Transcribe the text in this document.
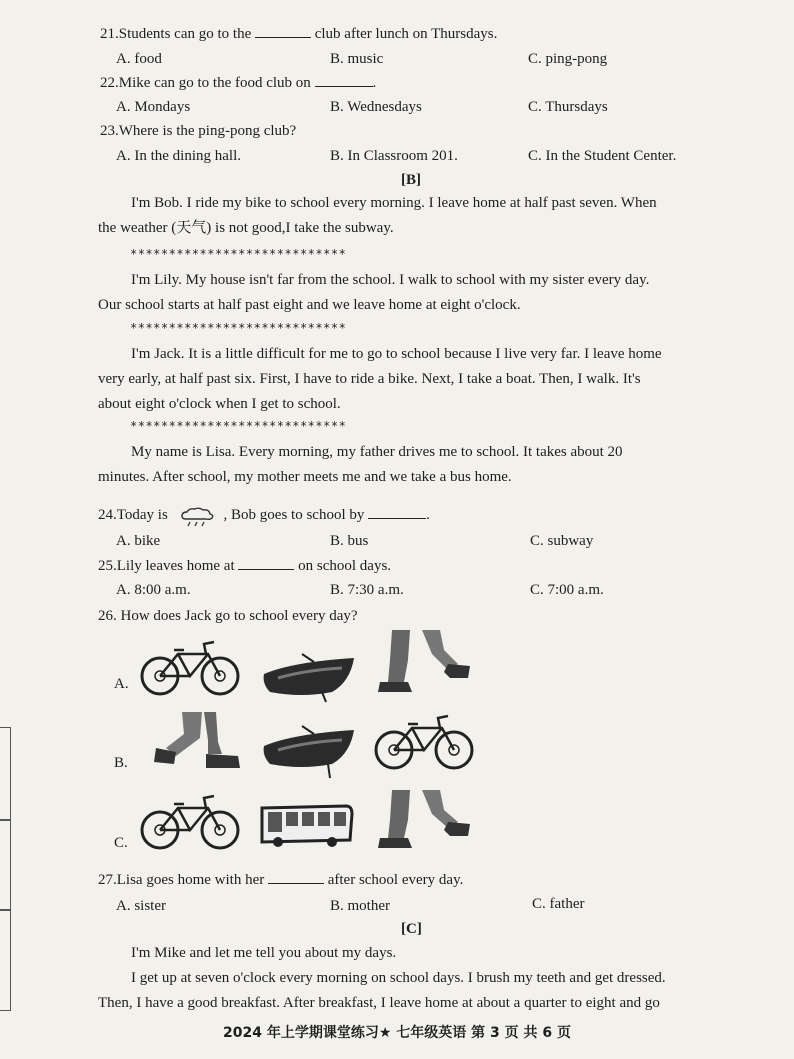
21.Students can go to the	club after lunch on Thursdays.
A. food	B. music	C. ping-pong
22.Mike can go to the food club on	.
A. Mondays	B. Wednesdays	C. Thursdays
23.Where is the ping-pong club?
A. In the dining hall.	B. In Classroom 201.	C. In the Student Center.
[B]
I'm Bob. I ride my bike to school every morning. I leave home at half past seven. When
the weather (天气) is not good,I take the subway.
****************************
I'm Lily. My house isn't far from the school. I walk to school with my sister every day.
Our school starts at half past eight and we leave home at eight o'clock.
****************************
I'm Jack. It is a little difficult for me to go to school because I live very far. I leave home
very early, at half past six. First, I have to ride a bike. Next, I take a boat. Then, I walk. It's
about eight o'clock when I get to school.
****************************
My name is Lisa. Every morning, my father drives me to school. It takes about 20
minutes. After school, my mother meets me and we take a bus home.
24.Today is	, Bob goes to school by	.
A. bike	B. bus	C. subway
25.Lily leaves home at	on school days.
A. 8:00 a.m.	B. 7:30 a.m.	C. 7:00 a.m.
26. How does Jack go to school every day?
A.
B.
C.
27.Lisa goes home with her	after school every day.
A. sister	B. mother	C. father
[C]
I'm Mike and let me tell you about my days.
I get up at seven o'clock every morning on school days. I brush my teeth and get dressed.
Then, I have a good breakfast. After breakfast, I leave home at about a quarter to eight and go
2024 年上学期课堂练习★ 七年级英语 第 3 页 共 6 页
